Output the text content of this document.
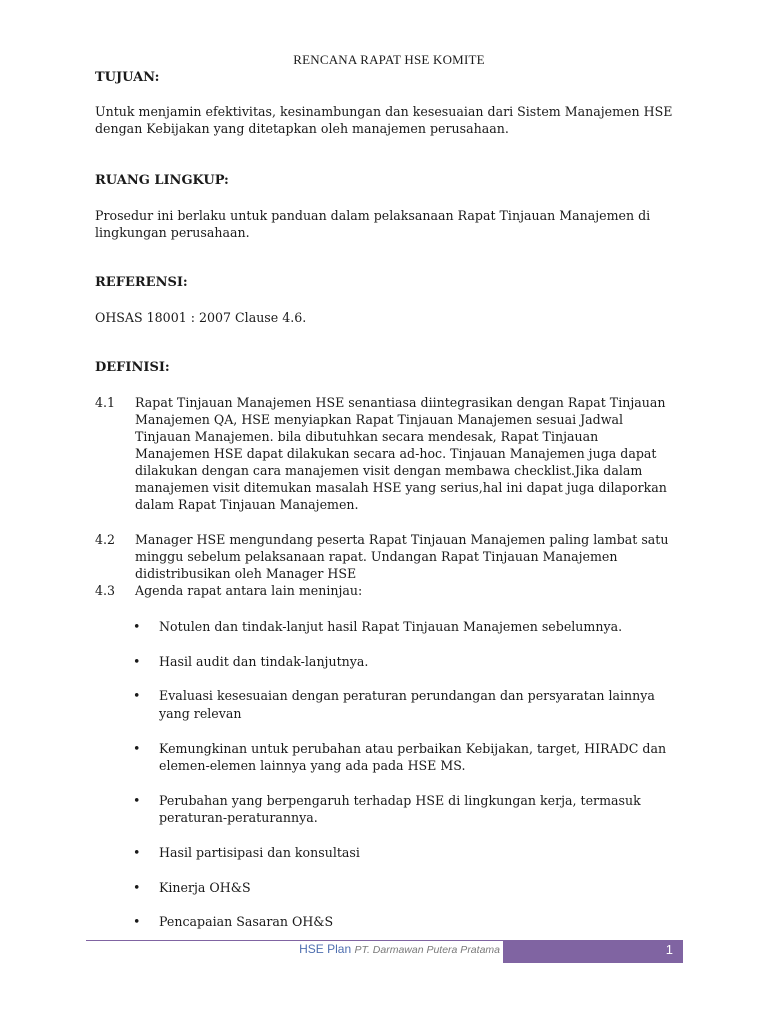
RENCANA RAPAT HSE KOMITE
TUJUAN:
Untuk menjamin efektivitas, kesinambungan dan kesesuaian dari Sistem Manajemen HSE
dengan Kebijakan yang ditetapkan oleh manajemen perusahaan.
RUANG LINGKUP:
Prosedur ini berlaku untuk panduan dalam pelaksanaan Rapat Tinjauan Manajemen di
lingkungan perusahaan.
REFERENSI:
OHSAS 18001 : 2007 Clause 4.6.
DEFINISI:
4.1 Rapat Tinjauan Manajemen HSE senantiasa diintegrasikan dengan Rapat Tinjauan
Manajemen QA, HSE menyiapkan Rapat Tinjauan Manajemen sesuai Jadwal
Tinjauan Manajemen. bila dibutuhkan secara mendesak, Rapat Tinjauan
Manajemen HSE dapat dilakukan secara ad-hoc. Tinjauan Manajemen juga dapat
dilakukan dengan cara manajemen visit dengan membawa checklist.Jika dalam
manajemen visit ditemukan masalah HSE yang serius,hal ini dapat juga dilaporkan
dalam Rapat Tinjauan Manajemen.
4.2 Manager HSE mengundang peserta Rapat Tinjauan Manajemen paling lambat satu
minggu sebelum pelaksanaan rapat. Undangan Rapat Tinjauan Manajemen
didistribusikan oleh Manager HSE
4.3 Agenda rapat antara lain meninjau:
• Notulen dan tindak-lanjut hasil Rapat Tinjauan Manajemen sebelumnya.
• Hasil audit dan tindak-lanjutnya.
• Evaluasi kesesuaian dengan peraturan perundangan dan persyaratan lainnya
yang relevan
• Kemungkinan untuk perubahan atau perbaikan Kebijakan, target, HIRADC dan
elemen-elemen lainnya yang ada pada HSE MS.
• Perubahan yang berpengaruh terhadap HSE di lingkungan kerja, termasuk
peraturan-peraturannya.
• Hasil partisipasi dan konsultasi
• Kinerja OH&S
• Pencapaian Sasaran OH&S
HSE Plan PT. Darmawan Putera Pratama	1
